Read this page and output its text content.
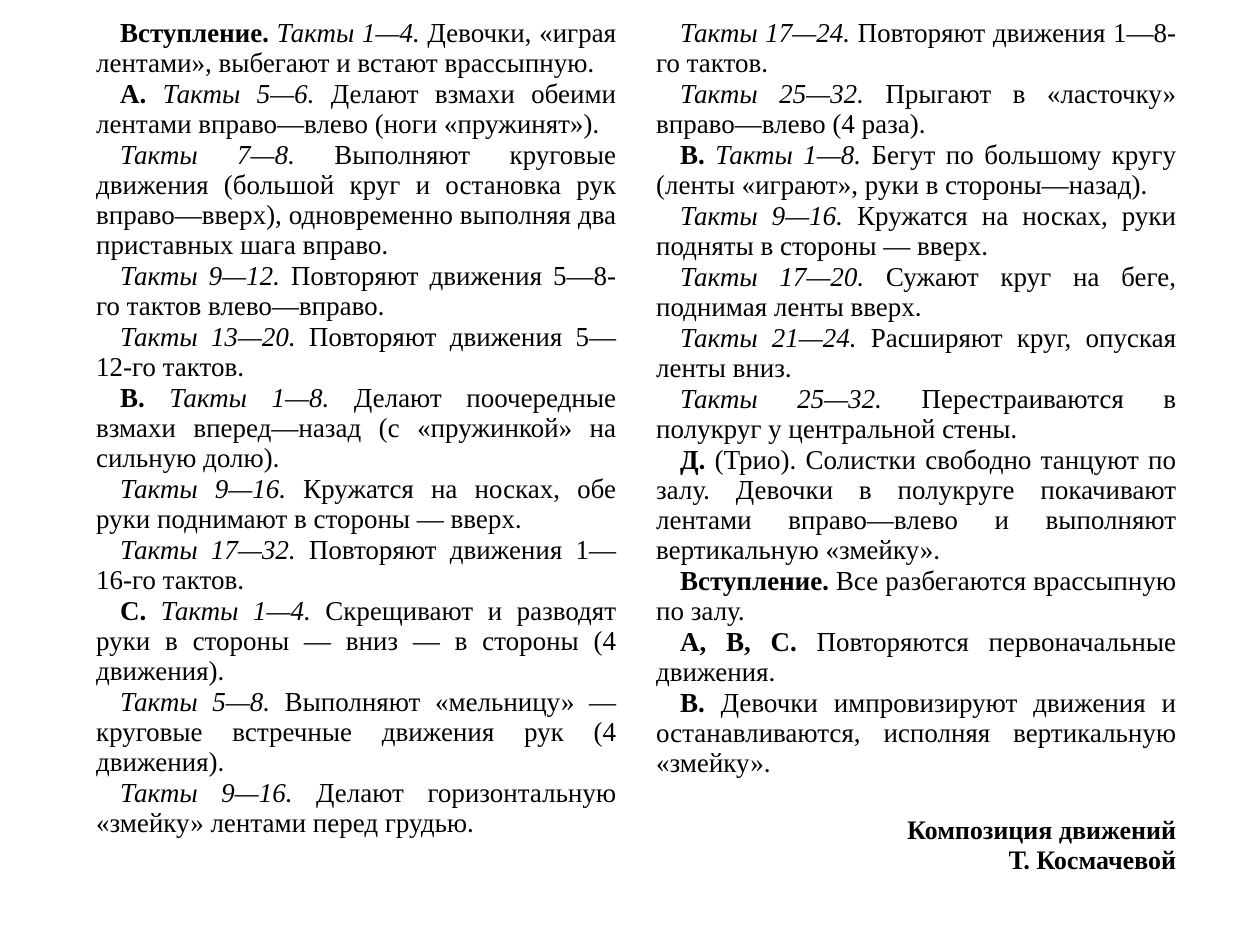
Вступление. Такты 1—4. Девочки, «играя лентами», выбегают и встают врассыпную.

А. Такты 5—6. Делают взмахи обеими лентами вправо—влево (ноги «пружинят»).

Такты 7—8. Выполняют круговые движения (большой круг и остановка рук вправо—вверх), одновременно выполняя два приставных шага вправо.

Такты 9—12. Повторяют движения 5—8-го тактов влево—вправо.

Такты 13—20. Повторяют движения 5—12-го тактов.

В. Такты 1—8. Делают поочередные взмахи вперед—назад (с «пружинкой» на сильную долю).

Такты 9—16. Кружатся на носках, обе руки поднимают в стороны — вверх.

Такты 17—32. Повторяют движения 1—16-го тактов.

С. Такты 1—4. Скрещивают и разводят руки в стороны — вниз — в стороны (4 движения).

Такты 5—8. Выполняют «мельницу» — круговые встречные движения рук (4 движения).

Такты 9—16. Делают горизонтальную «змейку» лентами перед грудью.

Такты 17—24. Повторяют движения 1—8-го тактов.

Такты 25—32. Прыгают в «ласточку» вправо—влево (4 раза).

В. Такты 1—8. Бегут по большому кругу (ленты «играют», руки в стороны—назад).

Такты 9—16. Кружатся на носках, руки подняты в стороны — вверх.

Такты 17—20. Сужают круг на беге, поднимая ленты вверх.

Такты 21—24. Расширяют круг, опуская ленты вниз.

Такты 25—32. Перестраиваются в полукруг у центральной стены.

Д. (Трио). Солистки свободно танцуют по залу. Девочки в полукруге покачивают лентами вправо—влево и выполняют вертикальную «змейку».

Вступление. Все разбегаются врассыпную по залу.

А, В, С. Повторяются первоначальные движения.

В. Девочки импровизируют движения и останавливаются, исполняя вертикальную «змейку».

Композиция движений
Т. Космачевой
